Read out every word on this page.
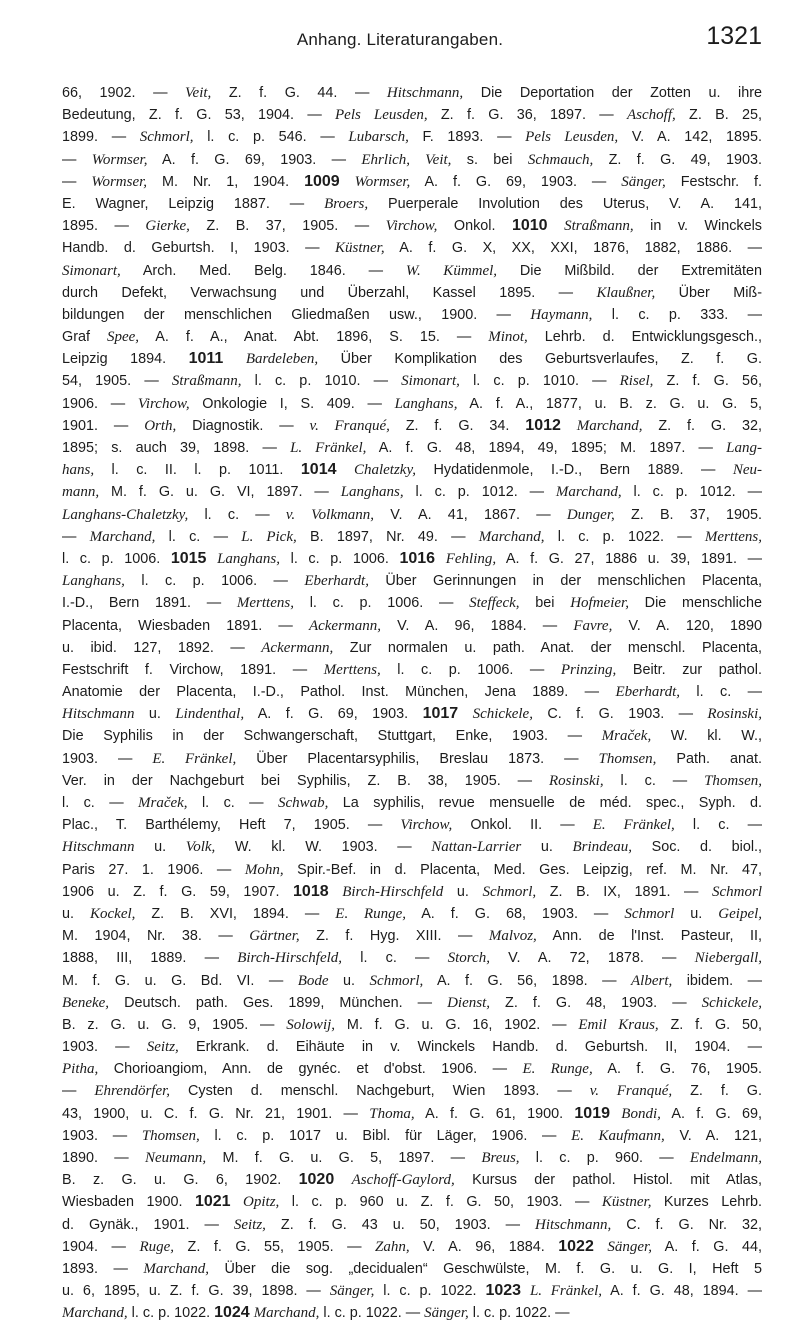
Anhang. Literaturangaben.	1321
66, 1902. — Veit, Z. f. G. 44. — Hitschmann, Die Deportation der Zotten u. ihre
Bedeutung, Z. f. G. 53, 1904. — Pels Leusden, Z. f. G. 36, 1897. — Aschoff, Z. B. 25,
1899. — Schmorl, l. c. p. 546. — Lubarsch, F. 1893. — Pels Leusden, V. A. 142, 1895.
— Wormser, A. f. G. 69, 1903. — Ehrlich, Veit, s. bei Schmauch, Z. f. G. 49, 1903.
— Wormser, M. Nr. 1, 1904. 1009 Wormser, A. f. G. 69, 1903. — Sänger, Festschr. f.
E. Wagner, Leipzig 1887. — Broers, Puerperale Involution des Uterus, V. A. 141,
1895. — Gierke, Z. B. 37, 1905. — Virchow, Onkol. 1010 Straßmann, in v. Winckels
Handb. d. Geburtsh. I, 1903. — Küstner, A. f. G. X, XX, XXI, 1876, 1882, 1886. —
Simonart, Arch. Med. Belg. 1846. — W. Kümmel, Die Mißbild. der Extremitäten
durch Defekt, Verwachsung und Überzahl, Kassel 1895. — Klaußner, Über Miß-
bildungen der menschlichen Gliedmaßen usw., 1900. — Haymann, l. c. p. 333. —
Graf Spee, A. f. A., Anat. Abt. 1896, S. 15. — Minot, Lehrb. d. Entwicklungsgesch.,
Leipzig 1894. 1011 Bardeleben, Über Komplikation des Geburtsverlaufes, Z. f. G.
54, 1905. — Straßmann, l. c. p. 1010. — Simonart, l. c. p. 1010. — Risel, Z. f. G. 56,
1906. — Virchow, Onkologie I, S. 409. — Langhans, A. f. A., 1877, u. B. z. G. u. G. 5,
1901. — Orth, Diagnostik. — v. Franqué, Z. f. G. 34. 1012 Marchand, Z. f. G. 32,
1895; s. auch 39, 1898. — L. Fränkel, A. f. G. 48, 1894, 49, 1895; M. 1897. — Lang-
hans, l. c. II. l. p. 1011. 1014 Chaletzky, Hydatidenmole, I.-D., Bern 1889. — Neu-
mann, M. f. G. u. G. VI, 1897. — Langhans, l. c. p. 1012. — Marchand, l. c. p. 1012. —
Langhans-Chaletzky, l. c. — v. Volkmann, V. A. 41, 1867. — Dunger, Z. B. 37, 1905.
— Marchand, l. c. — L. Pick, B. 1897, Nr. 49. — Marchand, l. c. p. 1022. — Merttens,
l. c. p. 1006. 1015 Langhans, l. c. p. 1006. 1016 Fehling, A. f. G. 27, 1886 u. 39, 1891. —
Langhans, l. c. p. 1006. — Eberhardt, Über Gerinnungen in der menschlichen Placenta,
I.-D., Bern 1891. — Merttens, l. c. p. 1006. — Steffeck, bei Hofmeier, Die menschliche
Placenta, Wiesbaden 1891. — Ackermann, V. A. 96, 1884. — Favre, V. A. 120, 1890
u. ibid. 127, 1892. — Ackermann, Zur normalen u. path. Anat. der menschl. Placenta,
Festschrift f. Virchow, 1891. — Merttens, l. c. p. 1006. — Prinzing, Beitr. zur pathol.
Anatomie der Placenta, I.-D., Pathol. Inst. München, Jena 1889. — Eberhardt, l. c. —
Hitschmann u. Lindenthal, A. f. G. 69, 1903. 1017 Schickele, C. f. G. 1903. — Rosinski,
Die Syphilis in der Schwangerschaft, Stuttgart, Enke, 1903. — Mraček, W. kl. W.,
1903. — E. Fränkel, Über Placentarsyphilis, Breslau 1873. — Thomsen, Path. anat.
Ver. in der Nachgeburt bei Syphilis, Z. B. 38, 1905. — Rosinski, l. c. — Thomsen,
l. c. — Mraček, l. c. — Schwab, La syphilis, revue mensuelle de méd. spec., Syph. d.
Plac., T. Barthélemy, Heft 7, 1905. — Virchow, Onkol. II. — E. Fränkel, l. c. —
Hitschmann u. Volk, W. kl. W. 1903. — Nattan-Larrier u. Brindeau, Soc. d. biol.,
Paris 27. 1. 1906. — Mohn, Spir.-Bef. in d. Placenta, Med. Ges. Leipzig, ref. M. Nr. 47,
1906 u. Z. f. G. 59, 1907. 1018 Birch-Hirschfeld u. Schmorl, Z. B. IX, 1891. — Schmorl
u. Kockel, Z. B. XVI, 1894. — E. Runge, A. f. G. 68, 1903. — Schmorl u. Geipel,
M. 1904, Nr. 38. — Gärtner, Z. f. Hyg. XIII. — Malvoz, Ann. de l'Inst. Pasteur, II,
1888, III, 1889. — Birch-Hirschfeld, l. c. — Storch, V. A. 72, 1878. — Niebergall,
M. f. G. u. G. Bd. VI. — Bode u. Schmorl, A. f. G. 56, 1898. — Albert, ibidem. —
Beneke, Deutsch. path. Ges. 1899, München. — Dienst, Z. f. G. 48, 1903. — Schickele,
B. z. G. u. G. 9, 1905. — Solowij, M. f. G. u. G. 16, 1902. — Emil Kraus, Z. f. G. 50,
1903. — Seitz, Erkrank. d. Eihäute in v. Winckels Handb. d. Geburtsh. II, 1904. —
Pitha, Chorioangiom, Ann. de gynéc. et d'obst. 1906. — E. Runge, A. f. G. 76, 1905.
— Ehrendörfer, Cysten d. menschl. Nachgeburt, Wien 1893. — v. Franqué, Z. f. G.
43, 1900, u. C. f. G. Nr. 21, 1901. — Thoma, A. f. G. 61, 1900. 1019 Bondi, A. f. G. 69,
1903. — Thomsen, l. c. p. 1017 u. Bibl. für Läger, 1906. — E. Kaufmann, V. A. 121,
1890. — Neumann, M. f. G. u. G. 5, 1897. — Breus, l. c. p. 960. — Endelmann,
B. z. G. u. G. 6, 1902. 1020 Aschoff-Gaylord, Kursus der pathol. Histol. mit Atlas,
Wiesbaden 1900. 1021 Opitz, l. c. p. 960 u. Z. f. G. 50, 1903. — Küstner, Kurzes Lehrb.
d. Gynäk., 1901. — Seitz, Z. f. G. 43 u. 50, 1903. — Hitschmann, C. f. G. Nr. 32,
1904. — Ruge, Z. f. G. 55, 1905. — Zahn, V. A. 96, 1884. 1022 Sänger, A. f. G. 44,
1893. — Marchand, Über die sog. „decidualen“ Geschwülste, M. f. G. u. G. I, Heft 5
u. 6, 1895, u. Z. f. G. 39, 1898. — Sänger, l. c. p. 1022. 1023 L. Fränkel, A. f. G. 48, 1894. —
Marchand, l. c. p. 1022. 1024 Marchand, l. c. p. 1022. — Sänger, l. c. p. 1022. —
